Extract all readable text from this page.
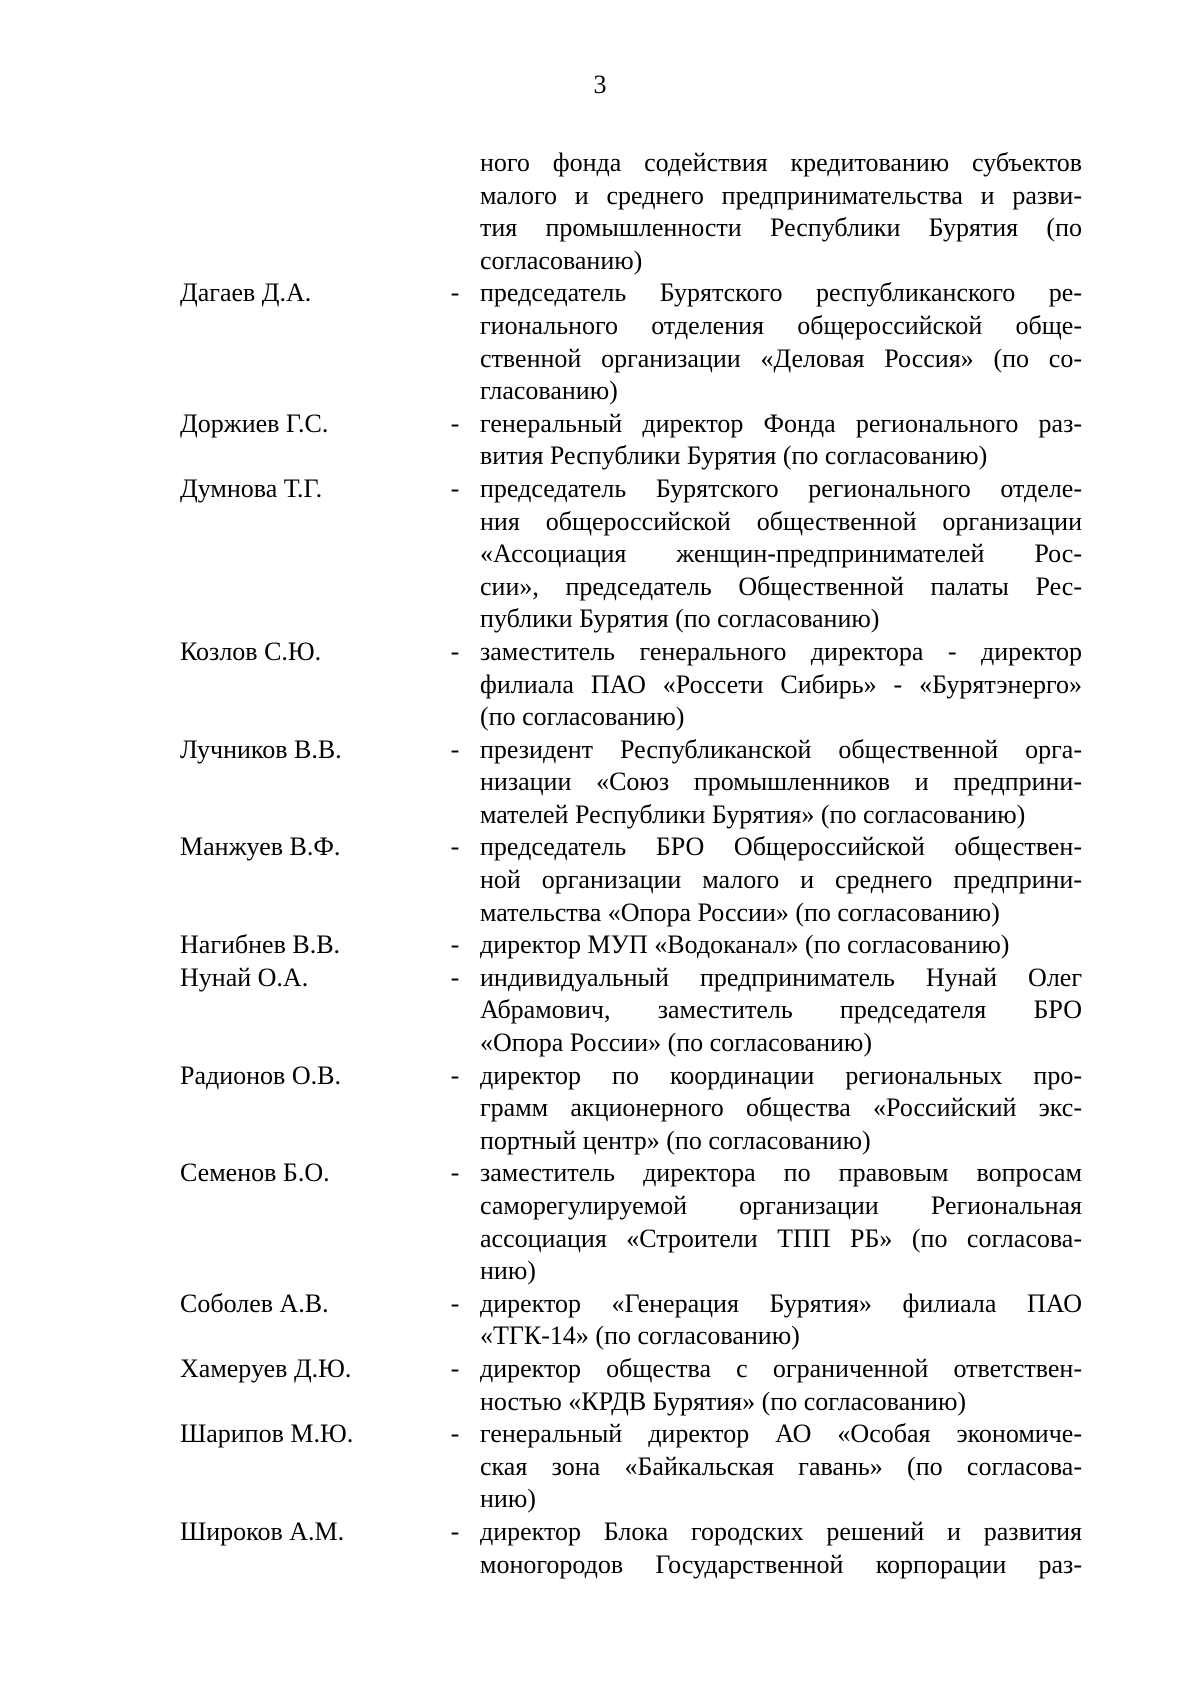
3
ного фонда содействия кредитованию субъектов
малого и среднего предпринимательства и разви-
тия промышленности Республики Бурятия (по
согласованию)
Дагаев Д.А.	- председатель Бурятского республиканского ре-
гионального отделения общероссийской обще-
ственной организации «Деловая Россия» (по со-
гласованию)
Доржиев Г.С.	- генеральный директор Фонда регионального раз-
вития Республики Бурятия (по согласованию)
Думнова Т.Г.	- председатель Бурятского регионального отделе-
ния общероссийской общественной организации
«Ассоциация женщин-предпринимателей Рос-
сии», председатель Общественной палаты Рес-
публики Бурятия (по согласованию)
Козлов С.Ю.	- заместитель генерального директора - директор
филиала ПАО «Россети Сибирь» - «Бурятэнерго»
(по согласованию)
Лучников В.В.	- президент Республиканской общественной орга-
низации «Союз промышленников и предприни-
мателей Республики Бурятия» (по согласованию)
Манжуев В.Ф.	- председатель БРО Общероссийской обществен-
ной организации малого и среднего предприни-
мательства «Опора России» (по согласованию)
Нагибнев В.В.	- директор МУП «Водоканал» (по согласованию)
Нунай О.А.	- индивидуальный предприниматель Нунай Олег
Абрамович, заместитель председателя БРО
«Опора России» (по согласованию)
Радионов О.В.	- директор по координации региональных про-
грамм акционерного общества «Российский экс-
портный центр» (по согласованию)
Семенов Б.О.	- заместитель директора по правовым вопросам
саморегулируемой организации Региональная
ассоциация «Строители ТПП РБ» (по согласова-
нию)
Соболев А.В.	- директор «Генерация Бурятия» филиала ПАО
«ТГК-14» (по согласованию)
Хамеруев Д.Ю.	- директор общества с ограниченной ответствен-
ностью «КРДВ Бурятия» (по согласованию)
Шарипов М.Ю.	- генеральный директор АО «Особая экономиче-
ская зона «Байкальская гавань» (по согласова-
нию)
Широков А.М.	- директор Блока городских решений и развития
моногородов Государственной корпорации раз-
